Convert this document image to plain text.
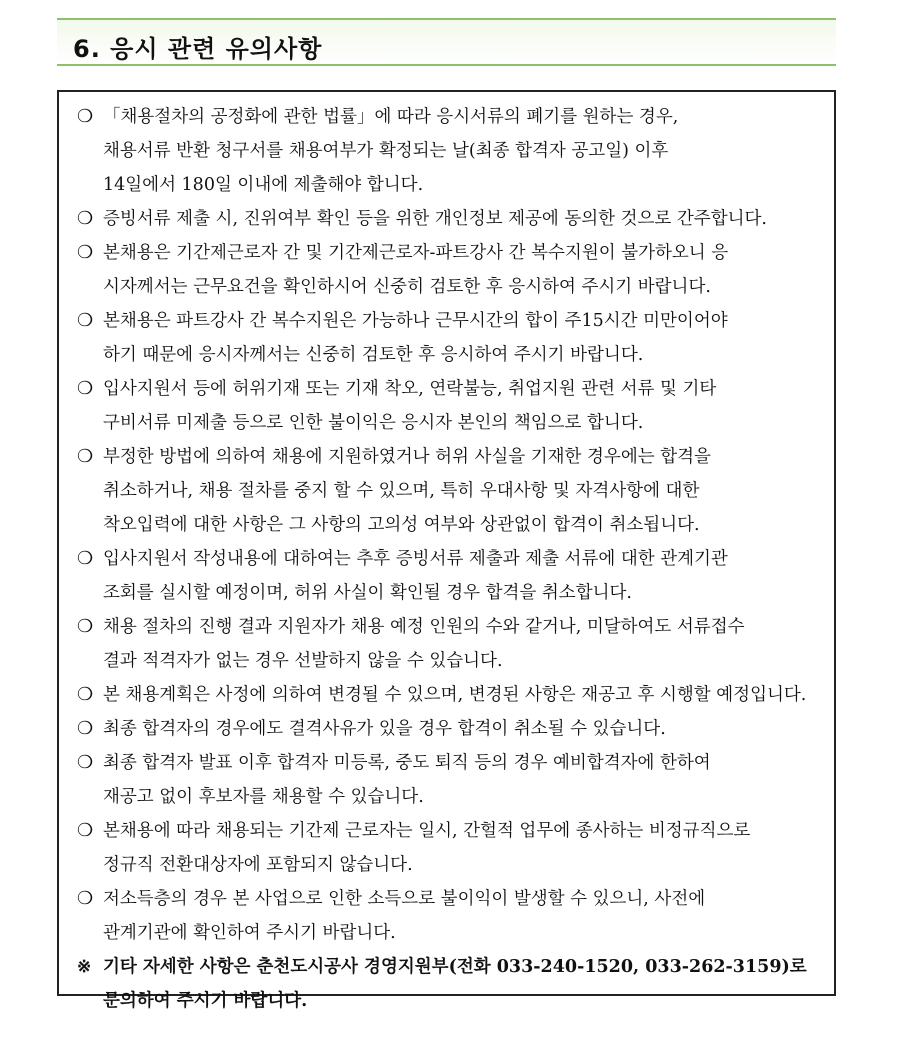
6. 응시 관련 유의사항
❍ 「채용절차의 공정화에 관한 법률」에 따라 응시서류의 폐기를 원하는 경우,
채용서류 반환 청구서를 채용여부가 확정되는 날(최종 합격자 공고일) 이후
14일에서 180일 이내에 제출해야 합니다.
❍ 증빙서류 제출 시, 진위여부 확인 등을 위한 개인정보 제공에 동의한 것으로 간주합니다.
❍ 본채용은 기간제근로자 간 및 기간제근로자-파트강사 간 복수지원이 불가하오니 응
시자께서는 근무요건을 확인하시어 신중히 검토한 후 응시하여 주시기 바랍니다.
❍ 본채용은 파트강사 간 복수지원은 가능하나 근무시간의 합이 주15시간 미만이어야
하기 때문에 응시자께서는 신중히 검토한 후 응시하여 주시기 바랍니다.
❍ 입사지원서 등에 허위기재 또는 기재 착오, 연락불능, 취업지원 관련 서류 및 기타
구비서류 미제출 등으로 인한 불이익은 응시자 본인의 책임으로 합니다.
❍ 부정한 방법에 의하여 채용에 지원하였거나 허위 사실을 기재한 경우에는 합격을
취소하거나, 채용 절차를 중지 할 수 있으며, 특히 우대사항 및 자격사항에 대한
착오입력에 대한 사항은 그 사항의 고의성 여부와 상관없이 합격이 취소됩니다.
❍ 입사지원서 작성내용에 대하여는 추후 증빙서류 제출과 제출 서류에 대한 관계기관
조회를 실시할 예정이며, 허위 사실이 확인될 경우 합격을 취소합니다.
❍ 채용 절차의 진행 결과 지원자가 채용 예정 인원의 수와 같거나, 미달하여도 서류접수
결과 적격자가 없는 경우 선발하지 않을 수 있습니다.
❍ 본 채용계획은 사정에 의하여 변경될 수 있으며, 변경된 사항은 재공고 후 시행할 예정입니다.
❍ 최종 합격자의 경우에도 결격사유가 있을 경우 합격이 취소될 수 있습니다.
❍ 최종 합격자 발표 이후 합격자 미등록, 중도 퇴직 등의 경우 예비합격자에 한하여
재공고 없이 후보자를 채용할 수 있습니다.
❍ 본채용에 따라 채용되는 기간제 근로자는 일시, 간헐적 업무에 종사하는 비정규직으로
정규직 전환대상자에 포함되지 않습니다.
❍ 저소득층의 경우 본 사업으로 인한 소득으로 불이익이 발생할 수 있으니, 사전에
관계기관에 확인하여 주시기 바랍니다.
※ 기타 자세한 사항은 춘천도시공사 경영지원부(전화 033-240-1520, 033-262-3159)로
문의하여 주시기 바랍니다.
